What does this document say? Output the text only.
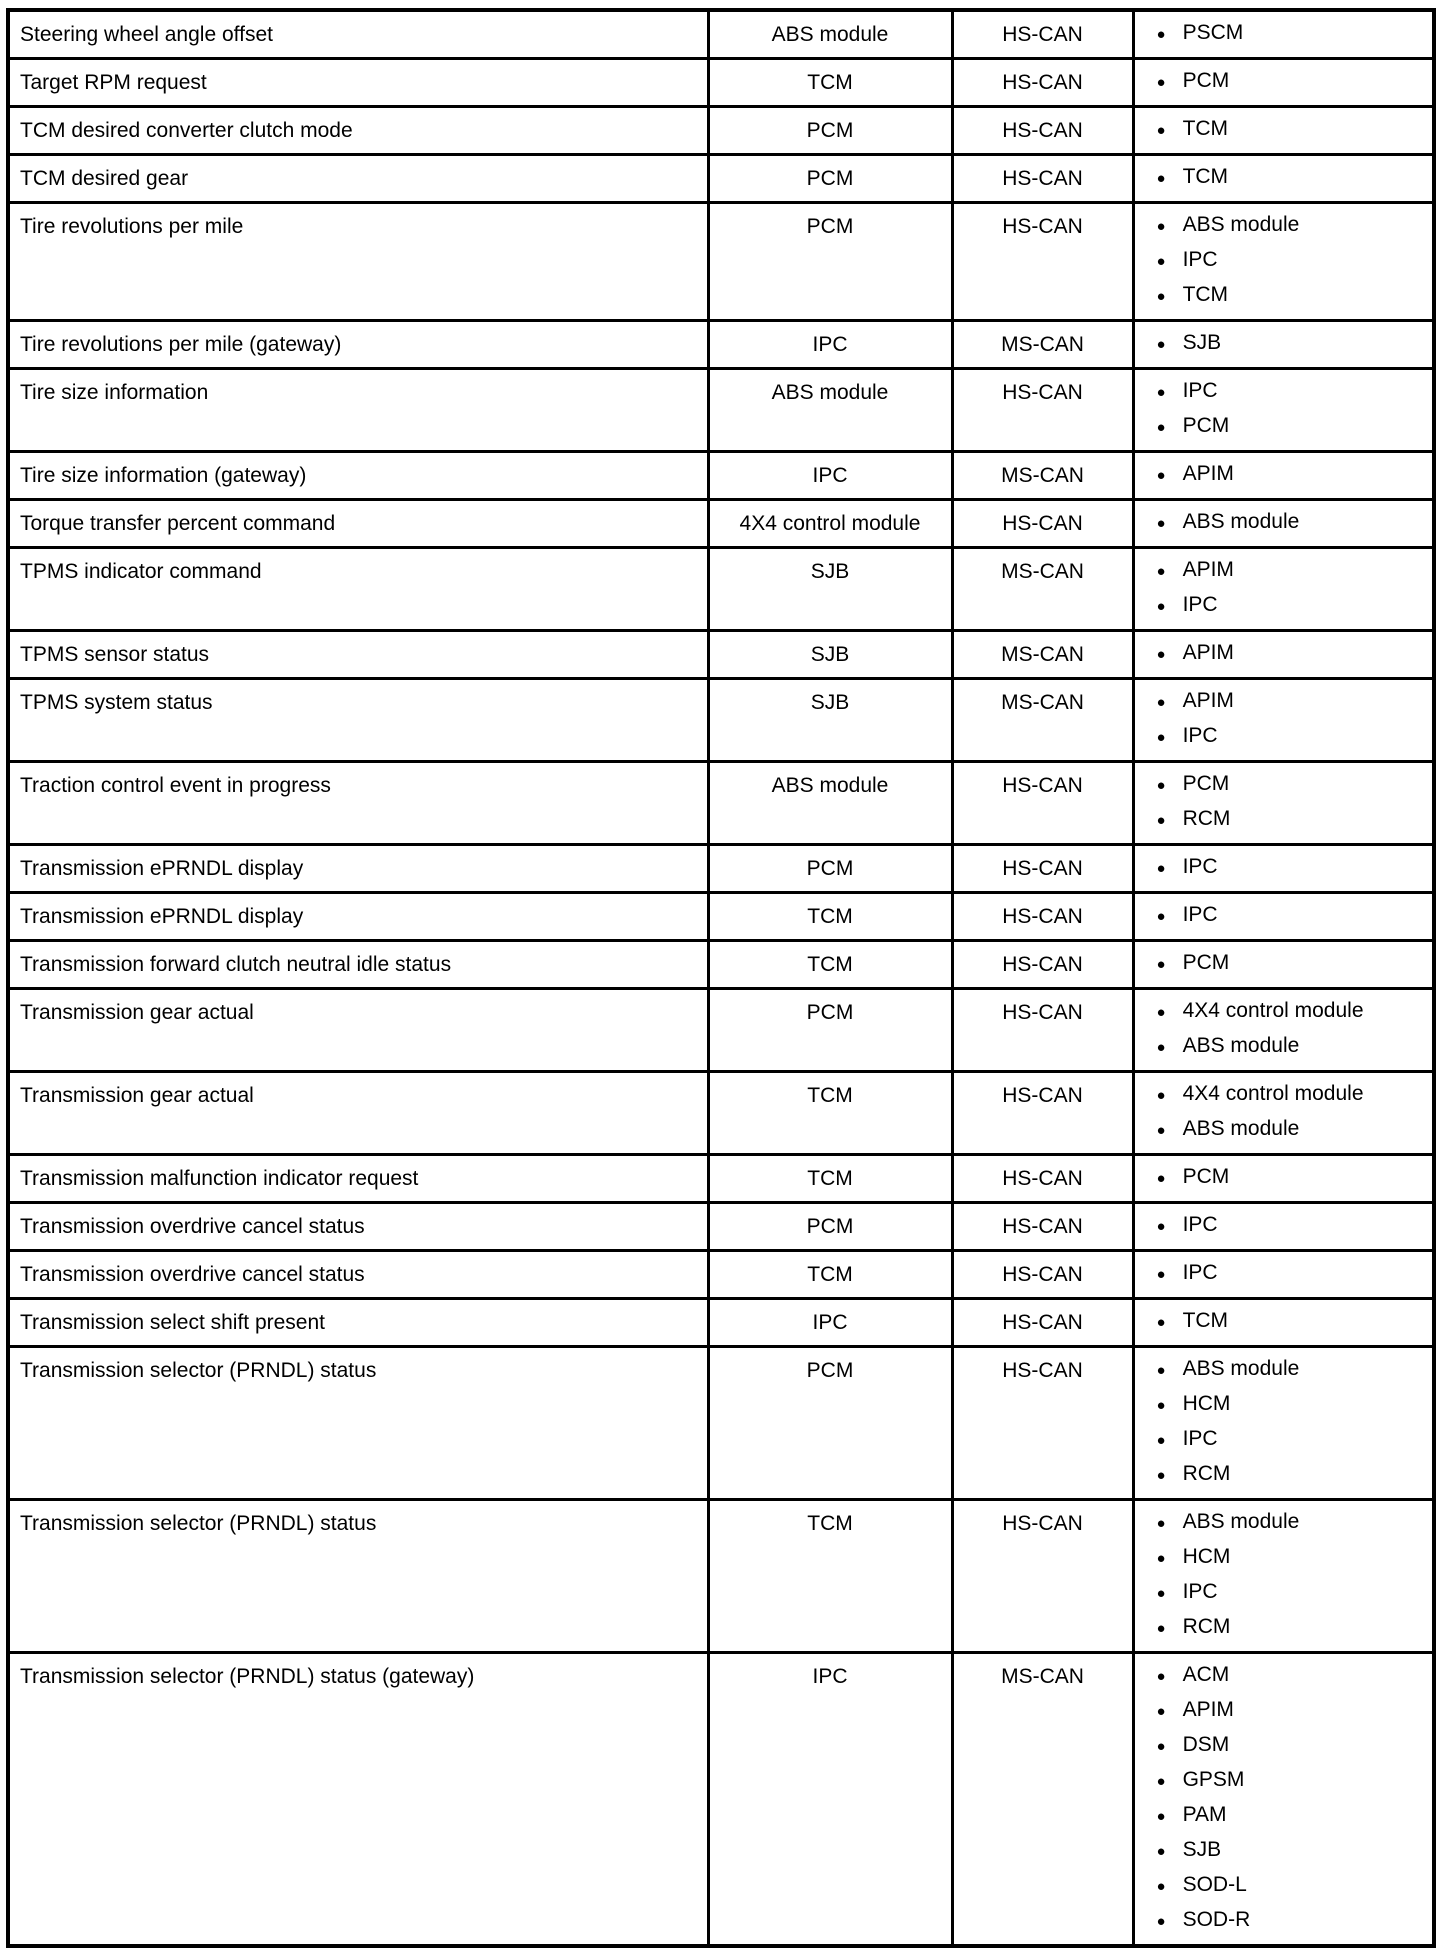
Steering wheel angle offset	ABS module	HS-CAN	● PSCM

Target RPM request	TCM	HS-CAN	● PCM

TCM desired converter clutch mode	PCM	HS-CAN	● TCM

TCM desired gear	PCM	HS-CAN	● TCM

Tire revolutions per mile	PCM	HS-CAN	● ABS module
● IPC
● TCM

Tire revolutions per mile (gateway)	IPC	MS-CAN	● SJB

Tire size information	ABS module	HS-CAN	● IPC
● PCM

Tire size information (gateway)	IPC	MS-CAN	● APIM

Torque transfer percent command	4X4 control module	HS-CAN	● ABS module

TPMS indicator command	SJB	MS-CAN	● APIM
● IPC

TPMS sensor status	SJB	MS-CAN	● APIM

TPMS system status	SJB	MS-CAN	● APIM
● IPC

Traction control event in progress	ABS module	HS-CAN	● PCM
● RCM

Transmission ePRNDL display	PCM	HS-CAN	● IPC

Transmission ePRNDL display	TCM	HS-CAN	● IPC

Transmission forward clutch neutral idle status	TCM	HS-CAN	● PCM

Transmission gear actual	PCM	HS-CAN	● 4X4 control module
● ABS module

Transmission gear actual	TCM	HS-CAN	● 4X4 control module
● ABS module

Transmission malfunction indicator request	TCM	HS-CAN	● PCM

Transmission overdrive cancel status	PCM	HS-CAN	● IPC

Transmission overdrive cancel status	TCM	HS-CAN	● IPC

Transmission select shift present	IPC	HS-CAN	● TCM

Transmission selector (PRNDL) status	PCM	HS-CAN	● ABS module
● HCM
● IPC
● RCM

Transmission selector (PRNDL) status	TCM	HS-CAN	● ABS module
● HCM
● IPC
● RCM

Transmission selector (PRNDL) status (gateway)	IPC	MS-CAN	● ACM
● APIM
● DSM
● GPSM
● PAM
● SJB
● SOD-L
● SOD-R
